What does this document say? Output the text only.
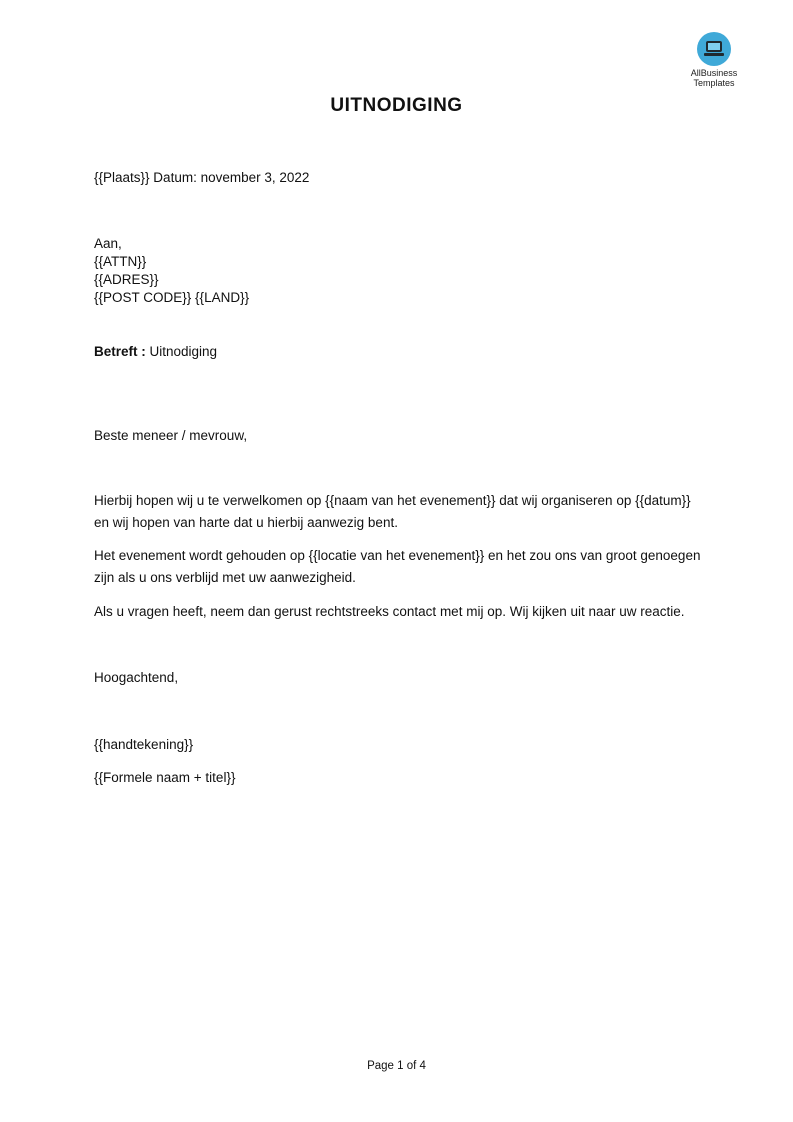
AllBusiness
Templates
UITNODIGING
{{Plaats}} Datum: november 3, 2022
Aan,
{{ATTN}}
{{ADRES}}
{{POST CODE}} {{LAND}}
Betreft : Uitnodiging
Beste meneer / mevrouw,
Hierbij hopen wij u te verwelkomen op {{naam van het evenement}} dat wij organiseren op {{datum}} en wij hopen van harte dat u hierbij aanwezig bent.
Het evenement wordt gehouden op {{locatie van het evenement}} en het zou ons van groot genoegen zijn als u ons verblijd met uw aanwezigheid.
Als u vragen heeft, neem dan gerust rechtstreeks contact met mij op. Wij kijken uit naar uw reactie.
Hoogachtend,
{{handtekening}}
{{Formele naam + titel}}
Page 1 of 4
